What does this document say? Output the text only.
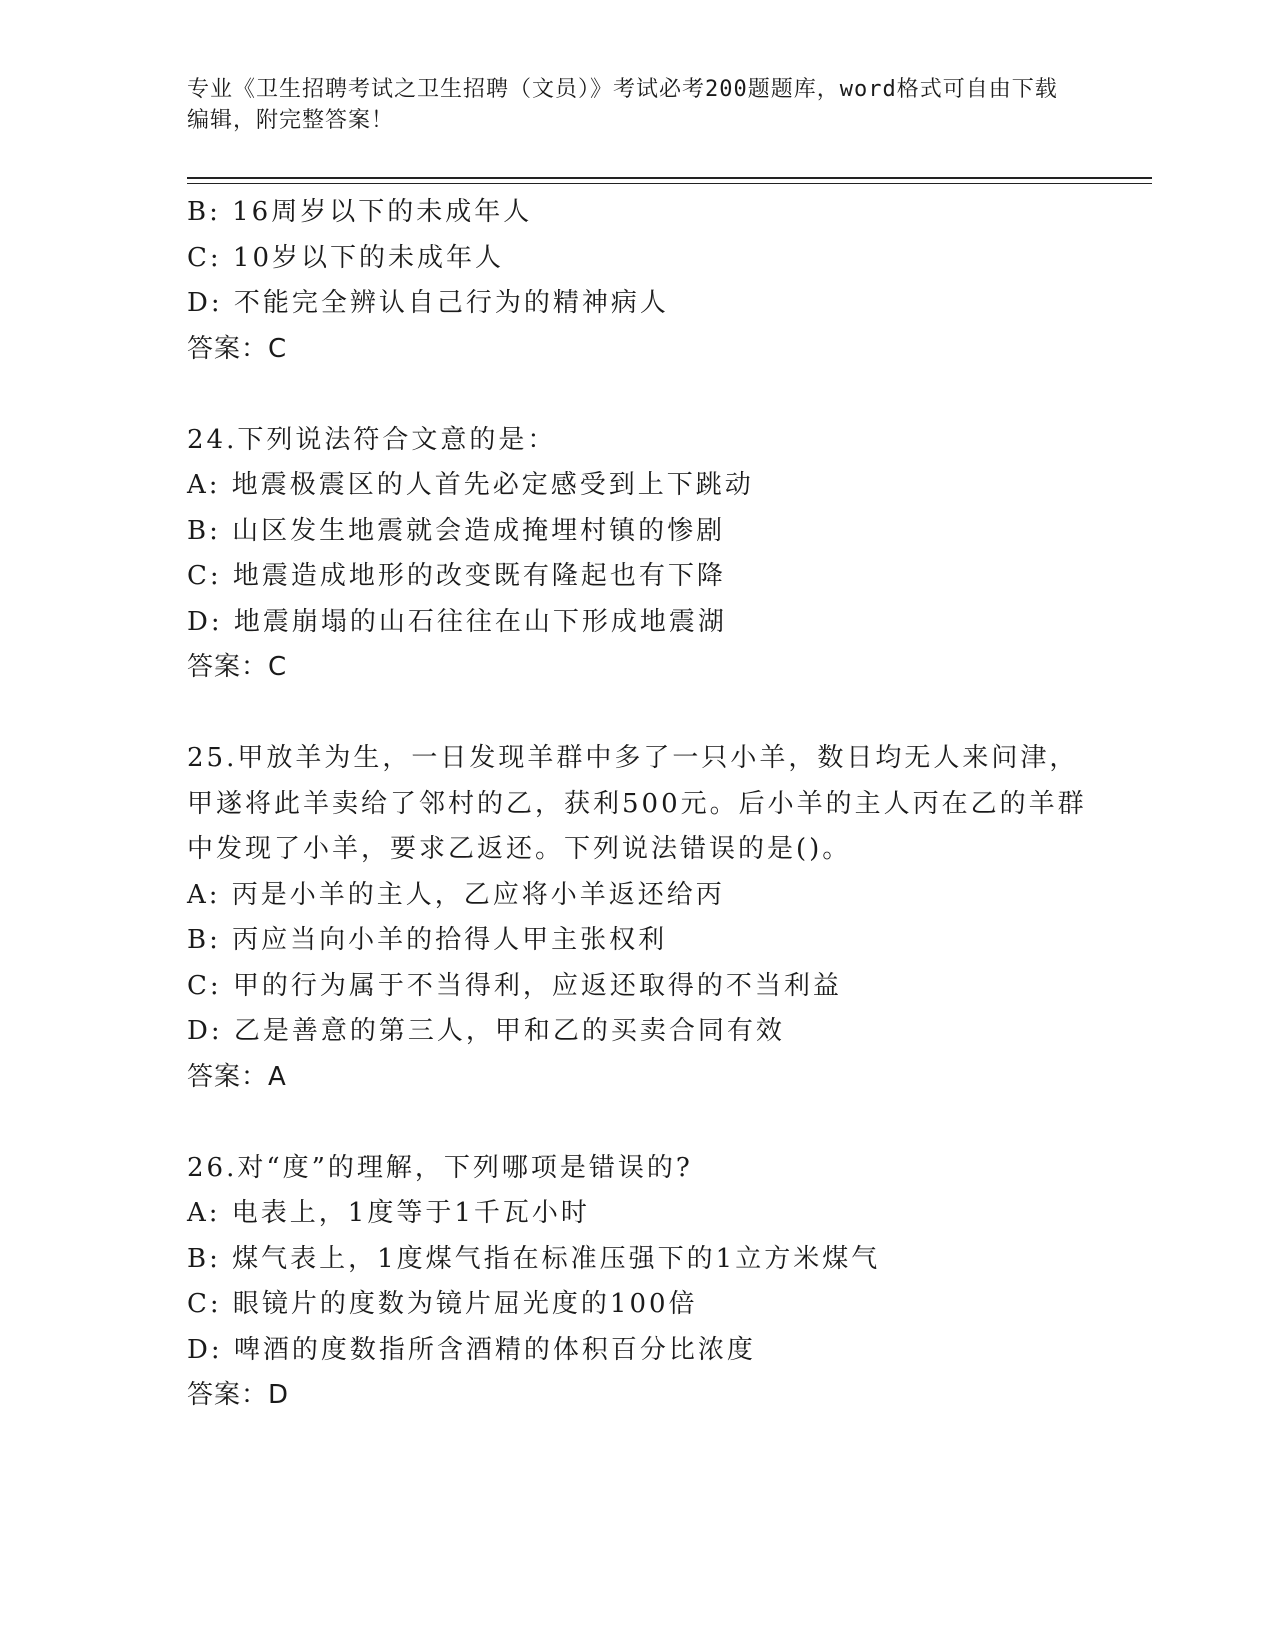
专业《卫生招聘考试之卫生招聘（文员）》考试必考200题题库，word格式可自由下载编辑，附完整答案！
B: 16周岁以下的未成年人
C: 10岁以下的未成年人
D: 不能完全辨认自己行为的精神病人
答案：C
24.下列说法符合文意的是：
A: 地震极震区的人首先必定感受到上下跳动
B: 山区发生地震就会造成掩埋村镇的惨剧
C: 地震造成地形的改变既有隆起也有下降
D: 地震崩塌的山石往往在山下形成地震湖
答案：C
25.甲放羊为生，一日发现羊群中多了一只小羊，数日均无人来问津，甲遂将此羊卖给了邻村的乙，获利500元。后小羊的主人丙在乙的羊群中发现了小羊，要求乙返还。下列说法错误的是()。
A: 丙是小羊的主人，乙应将小羊返还给丙
B: 丙应当向小羊的拾得人甲主张权利
C: 甲的行为属于不当得利，应返还取得的不当利益
D: 乙是善意的第三人，甲和乙的买卖合同有效
答案：A
26.对“度”的理解，下列哪项是错误的?
A: 电表上，1度等于1千瓦小时
B: 煤气表上，1度煤气指在标准压强下的1立方米煤气
C: 眼镜片的度数为镜片屈光度的100倍
D: 啤酒的度数指所含酒精的体积百分比浓度
答案：D
